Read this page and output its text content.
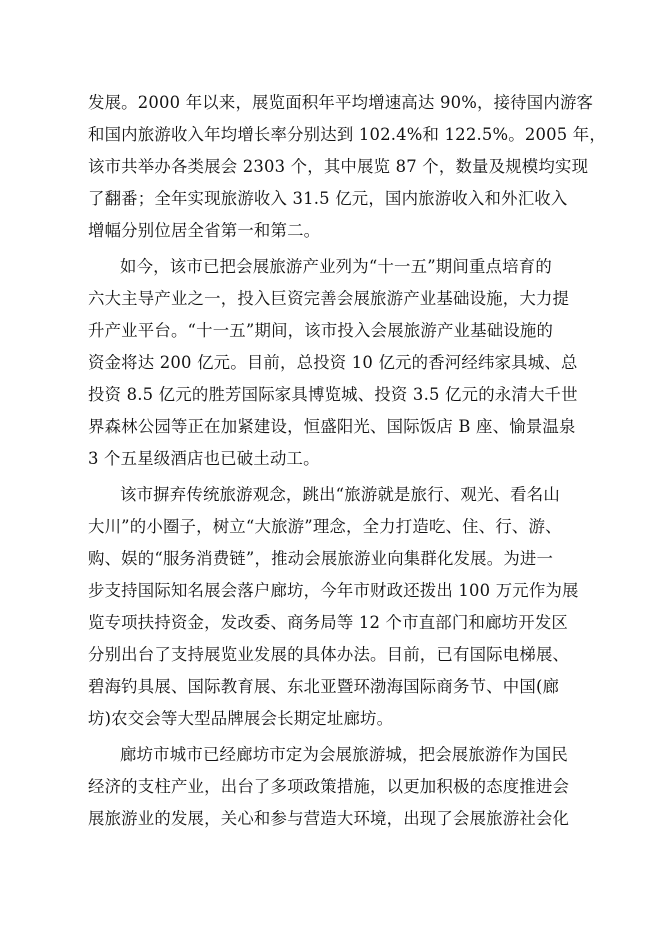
发展。2000 年以来，展览面积年平均增速高达 90%，接待国内游客
和国内旅游收入年均增长率分别达到 102.4%和 122.5%。2005 年，
该市共举办各类展会 2303 个，其中展览 87 个，数量及规模均实现
了翻番；全年实现旅游收入 31.5 亿元，国内旅游收入和外汇收入
增幅分别位居全省第一和第二。
如今，该市已把会展旅游产业列为“十一五”期间重点培育的
六大主导产业之一，投入巨资完善会展旅游产业基础设施，大力提
升产业平台。“十一五”期间，该市投入会展旅游产业基础设施的
资金将达 200 亿元。目前，总投资 10 亿元的香河经纬家具城、总
投资 8.5 亿元的胜芳国际家具博览城、投资 3.5 亿元的永清大千世
界森林公园等正在加紧建设，恒盛阳光、国际饭店 B 座、愉景温泉
3 个五星级酒店也已破土动工。
该市摒弃传统旅游观念，跳出“旅游就是旅行、观光、看名山
大川”的小圈子，树立“大旅游”理念，全力打造吃、住、行、游、
购、娱的“服务消费链”，推动会展旅游业向集群化发展。为进一
步支持国际知名展会落户廊坊，今年市财政还拨出 100 万元作为展
览专项扶持资金，发改委、商务局等 12 个市直部门和廊坊开发区
分别出台了支持展览业发展的具体办法。目前，已有国际电梯展、
碧海钓具展、国际教育展、东北亚暨环渤海国际商务节、中国(廊
坊)农交会等大型品牌展会长期定址廊坊。
廊坊市城市已经廊坊市定为会展旅游城，把会展旅游作为国民
经济的支柱产业，出台了多项政策措施，以更加积极的态度推进会
展旅游业的发展，关心和参与营造大环境，出现了会展旅游社会化
